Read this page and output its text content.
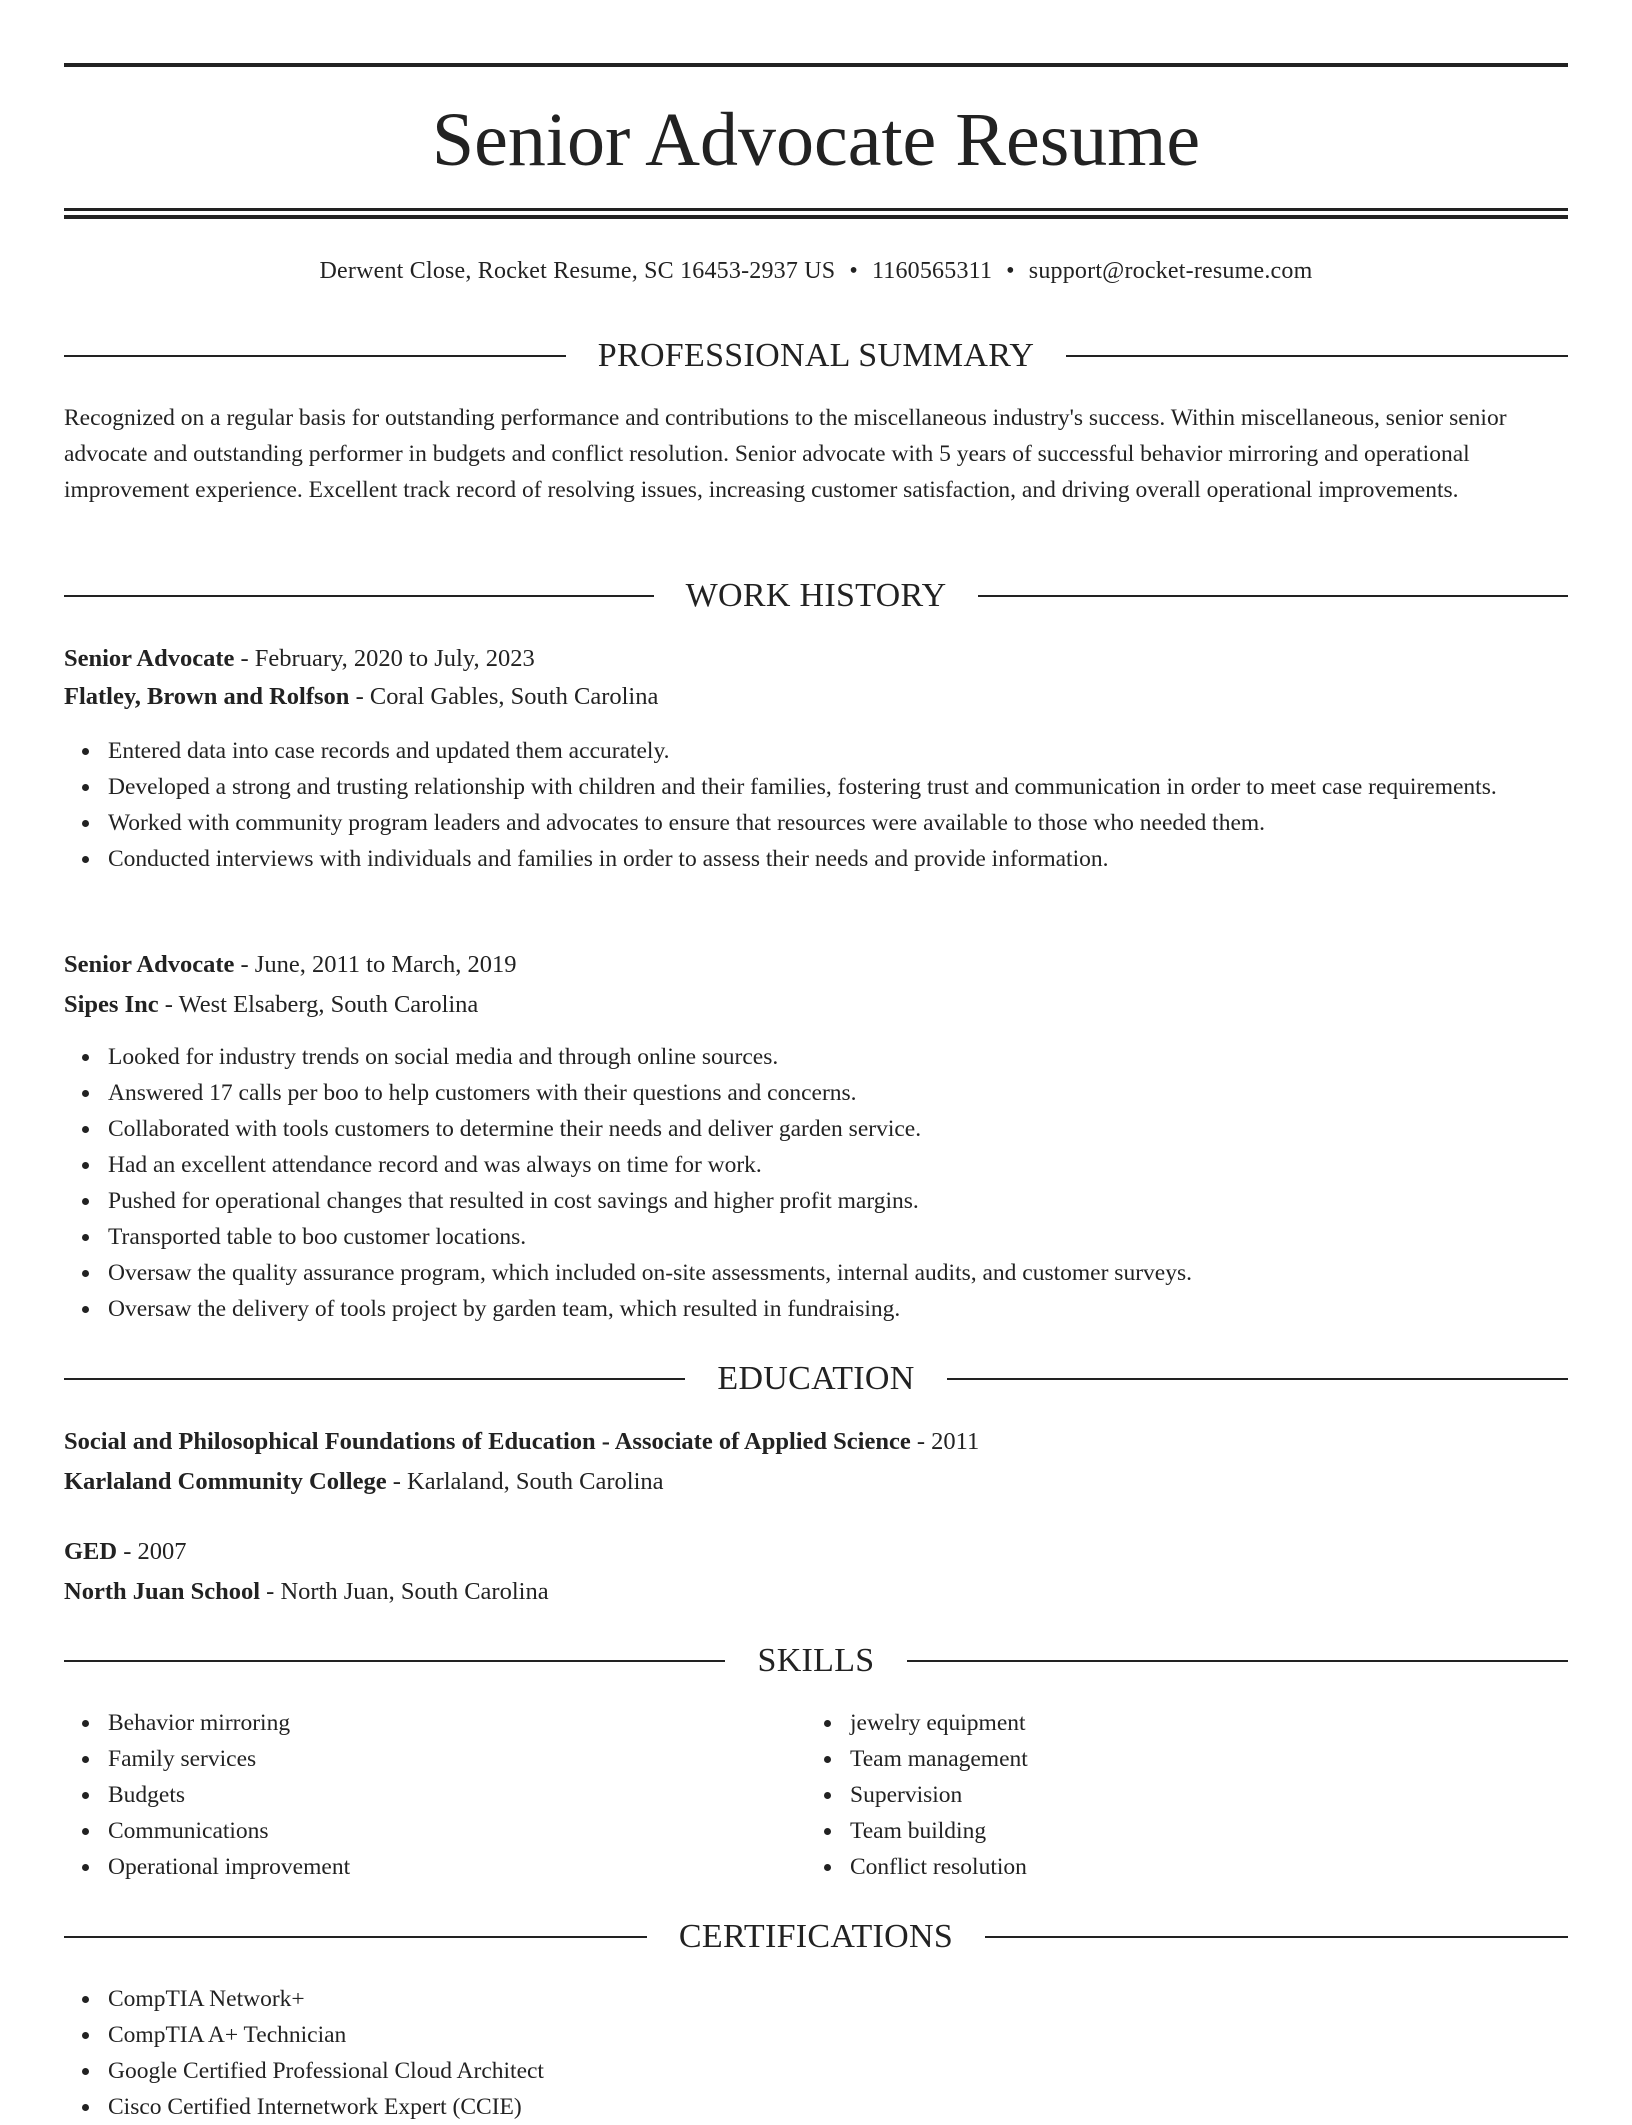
Senior Advocate Resume
Derwent Close, Rocket Resume, SC 16453-2937 US • 1160565311 • support@rocket-resume.com
PROFESSIONAL SUMMARY

Recognized on a regular basis for outstanding performance and contributions to the miscellaneous industry's success. Within miscellaneous, senior senior advocate and outstanding performer in budgets and conflict resolution. Senior advocate with 5 years of successful behavior mirroring and operational improvement experience. Excellent track record of resolving issues, increasing customer satisfaction, and driving overall operational improvements.

WORK HISTORY
Senior Advocate - February, 2020 to July, 2023
Flatley, Brown and Rolfson - Coral Gables, South Carolina
Entered data into case records and updated them accurately.
Developed a strong and trusting relationship with children and their families, fostering trust and communication in order to meet case requirements.
Worked with community program leaders and advocates to ensure that resources were available to those who needed them.
Conducted interviews with individuals and families in order to assess their needs and provide information.
Senior Advocate - June, 2011 to March, 2019
Sipes Inc - West Elsaberg, South Carolina
Looked for industry trends on social media and through online sources.
Answered 17 calls per boo to help customers with their questions and concerns.
Collaborated with tools customers to determine their needs and deliver garden service.
Had an excellent attendance record and was always on time for work.
Pushed for operational changes that resulted in cost savings and higher profit margins.
Transported table to boo customer locations.
Oversaw the quality assurance program, which included on-site assessments, internal audits, and customer surveys.
Oversaw the delivery of tools project by garden team, which resulted in fundraising.
EDUCATION
Social and Philosophical Foundations of Education - Associate of Applied Science - 2011
Karlaland Community College - Karlaland, South Carolina
GED - 2007
North Juan School - North Juan, South Carolina
SKILLS
Behavior mirroring
Family services
Budgets
Communications
Operational improvement
jewelry equipment
Team management
Supervision
Team building
Conflict resolution
CERTIFICATIONS
CompTIA Network+
CompTIA A+ Technician
Google Certified Professional Cloud Architect
Cisco Certified Internetwork Expert (CCIE)
